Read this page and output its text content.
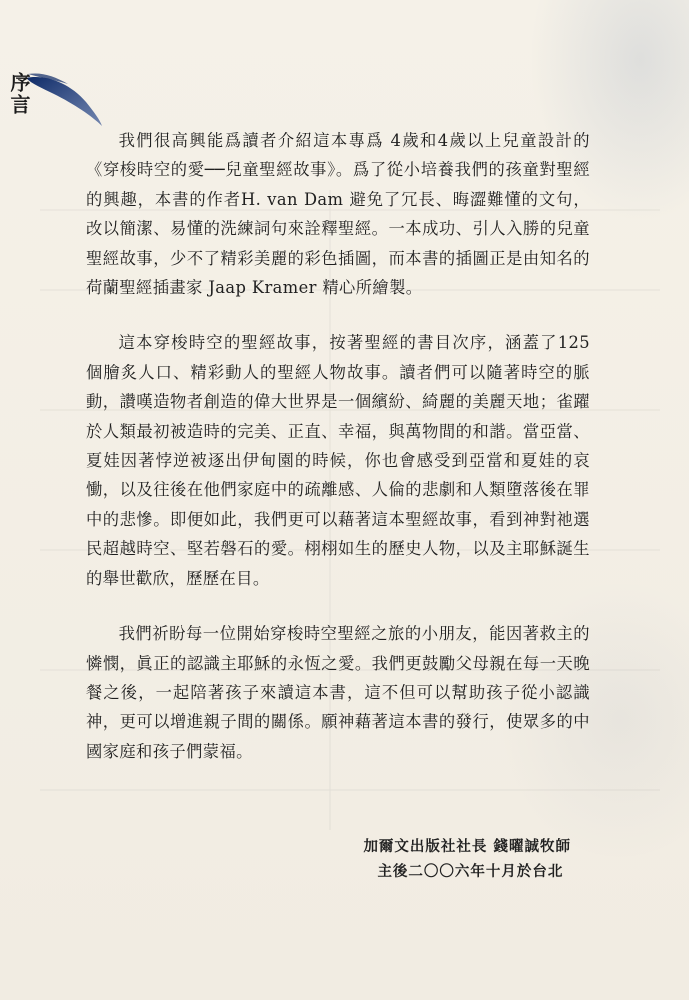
序言

我們很高興能爲讀者介紹這本專爲 4歲和4歲以上兒童設計的《穿梭時空的愛──兒童聖經故事》。爲了從小培養我們的孩童對聖經的興趣，本書的作者H. van Dam 避免了冗長、晦澀難懂的文句，改以簡潔、易懂的洗練詞句來詮釋聖經。一本成功、引人入勝的兒童聖經故事，少不了精彩美麗的彩色插圖，而本書的插圖正是由知名的荷蘭聖經插畫家 Jaap Kramer 精心所繪製。

這本穿梭時空的聖經故事，按著聖經的書目次序，涵蓋了125 個膾炙人口、精彩動人的聖經人物故事。讀者們可以隨著時空的脈動，讚嘆造物者創造的偉大世界是一個繽紛、綺麗的美麗天地；雀躍於人類最初被造時的完美、正直、幸福，與萬物間的和諧。當亞當、夏娃因著悖逆被逐出伊甸園的時候，你也會感受到亞當和夏娃的哀慟，以及往後在他們家庭中的疏離感、人倫的悲劇和人類墮落後在罪中的悲慘。即便如此，我們更可以藉著這本聖經故事，看到神對祂選民超越時空、堅若磐石的愛。栩栩如生的歷史人物，以及主耶穌誕生的舉世歡欣，歷歷在目。

我們祈盼每一位開始穿梭時空聖經之旅的小朋友，能因著救主的憐憫，眞正的認識主耶穌的永恆之愛。我們更鼓勵父母親在每一天晚餐之後，一起陪著孩子來讀這本書，這不但可以幫助孩子從小認識神，更可以增進親子間的關係。願神藉著這本書的發行，使眾多的中國家庭和孩子們蒙福。

加爾文出版社社長 錢曜誠牧師
主後二〇〇六年十月於台北
